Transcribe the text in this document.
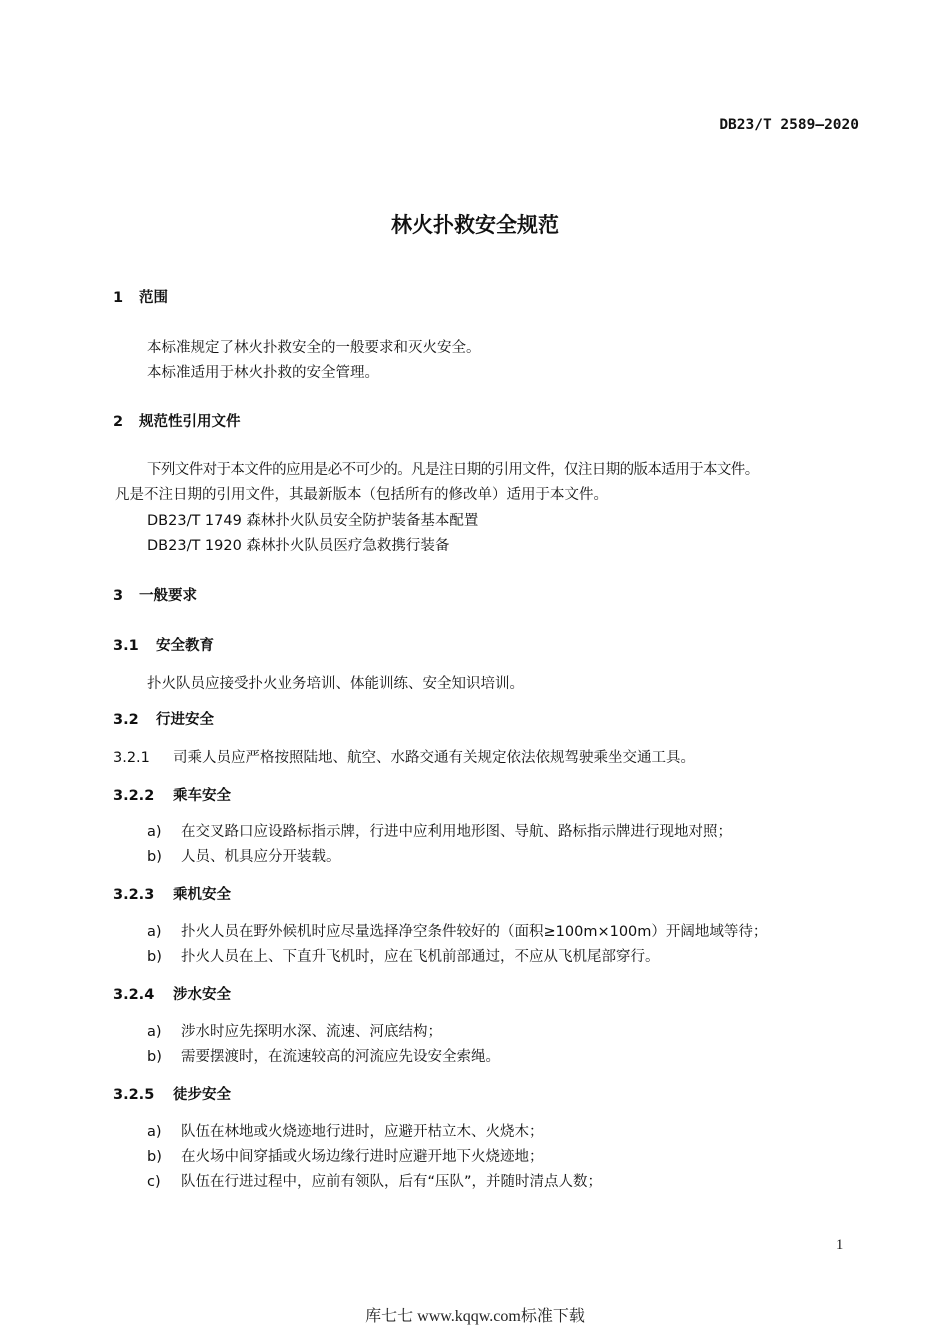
DB23/T 2589—2020
林火扑救安全规范
1 范围
本标准规定了林火扑救安全的一般要求和灭火安全。
本标准适用于林火扑救的安全管理。
2 规范性引用文件
下列文件对于本文件的应用是必不可少的。凡是注日期的引用文件，仅注日期的版本适用于本文件。
凡是不注日期的引用文件，其最新版本（包括所有的修改单）适用于本文件。
DB23/T 1749 森林扑火队员安全防护装备基本配置
DB23/T 1920 森林扑火队员医疗急救携行装备
3 一般要求
3.1 安全教育
扑火队员应接受扑火业务培训、体能训练、安全知识培训。
3.2 行进安全
3.2.1 司乘人员应严格按照陆地、航空、水路交通有关规定依法依规驾驶乘坐交通工具。
3.2.2 乘车安全
a) 在交叉路口应设路标指示牌，行进中应利用地形图、导航、路标指示牌进行现地对照；
b) 人员、机具应分开装载。
3.2.3 乘机安全
a) 扑火人员在野外候机时应尽量选择净空条件较好的（面积≥100m×100m）开阔地域等待；
b) 扑火人员在上、下直升飞机时，应在飞机前部通过，不应从飞机尾部穿行。
3.2.4 涉水安全
a) 涉水时应先探明水深、流速、河底结构；
b) 需要摆渡时，在流速较高的河流应先设安全索绳。
3.2.5 徒步安全
a) 队伍在林地或火烧迹地行进时，应避开枯立木、火烧木；
b) 在火场中间穿插或火场边缘行进时应避开地下火烧迹地；
c) 队伍在行进过程中，应前有领队，后有“压队”，并随时清点人数；
1
库七七 www.kqqw.com标准下载
